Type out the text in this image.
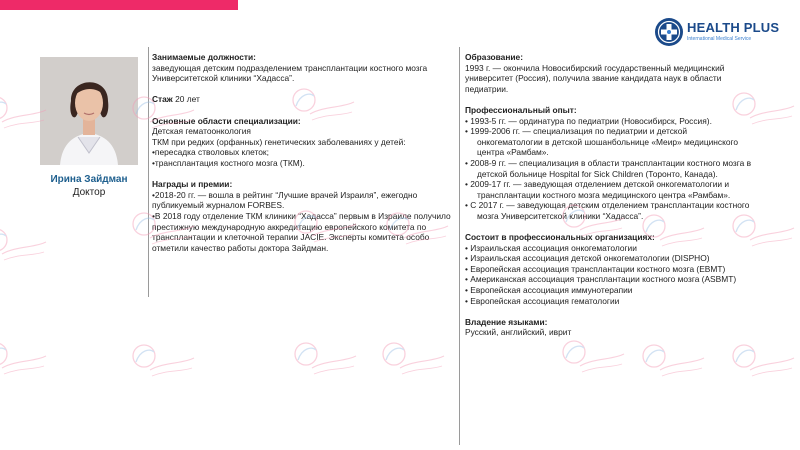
HEALTH PLUS
International Medical Service
Ирина Зайдман
Доктор

Занимаемые должности:

заведующая детским подразделением трансплантации костного мозга Университетской клиники “Хадасса”.

Стаж 20 лет

Основные области специализации:

Детская гематоонкология

ТКМ при редких (орфанных) генетических заболеваниях у детей:

•пересадка стволовых клеток;

•трансплантация костного мозга (ТКМ).

Награды и премии:

•2018-20 гг. — вошла в рейтинг “Лучшие врачей Израиля”, ежегодно публикуемый журналом FORBES.

•В 2018 году отделение ТКМ клиники “Хадасса” первым в Израиле получило престижную международную аккредитацию европейского комитета по трансплантации и клеточной терапии JACIE. Эксперты комитета особо отметили качество работы доктора Зайдман.

Образование:

1993 г. — окончила Новосибирский государственный медицинский университет (Россия), получила звание кандидата наук в области педиатрии.

Профессиональный опыт:

• 1993-5 гг. — ординатура по педиатрии (Новосибирск, Россия).

• 1999-2006 гг. — специализация по педиатрии и детской онкогематологии в детской шошанбольнице «Меир» медицинского центра «Рамбам».

• 2008-9 гг. — специализация в области трансплантации костного мозга в детской больнице Hospital for Sick Children (Торонто, Канада).

• 2009-17 гг. — заведующая отделением детской онкогематологии и трансплантации костного мозга медицинского центра «Рамбам».

• С 2017 г. — заведующая детским отделением трансплантации костного мозга Университетской клиники “Хадасса”.

Состоит в профессиональных организациях:

• Израильская ассоциация онкогематологии

• Израильская ассоциация детской онкогематологии (DISPHO)

• Европейская ассоциация трансплантации костного мозга (EBMT)

• Американская ассоциация трансплантации костного мозга (ASBMT)

• Европейская ассоциация иммунотерапии

• Европейская ассоциация гематологии

Владение языками:

Русский, английский, иврит
